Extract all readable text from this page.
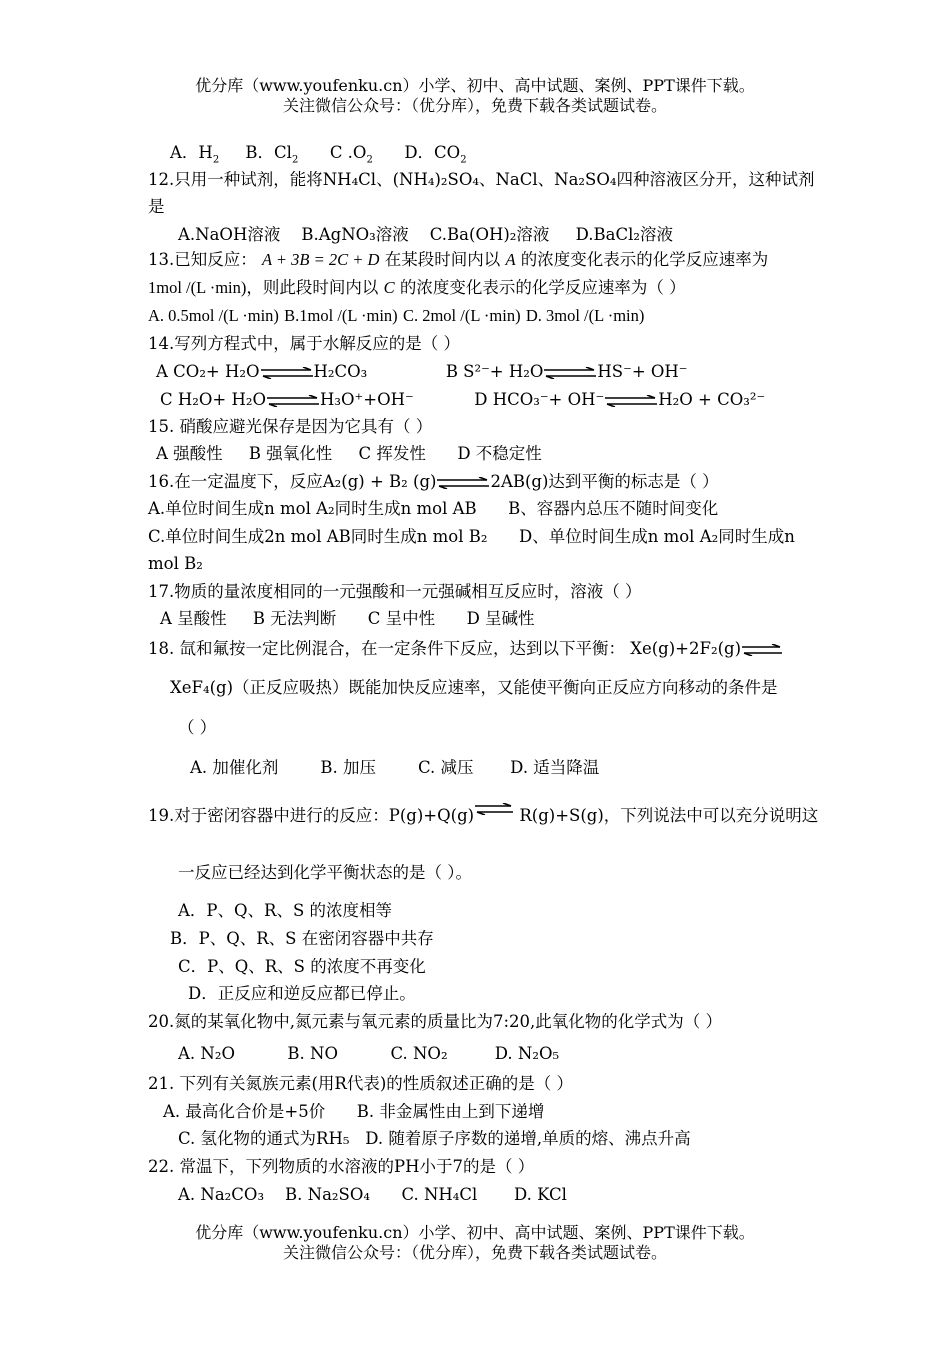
优分库（www.youfenku.cn）小学、初中、高中试题、案例、PPT课件下载。
关注微信公众号：（优分库），免费下载各类试题试卷。
A．$H_2$ B．$Cl_2$ C $.O_2$ D．$CO_2$
12.只用一种试剂，能将NH₄Cl、(NH₄)₂SO₄、NaCl、Na₂SO₄四种溶液区分开，这种试剂
是
A.NaOH溶液 B.AgNO₃溶液 C.Ba(OH)₂溶液 D.BaCl₂溶液
13.已知反应： A + 3B = 2C + D 在某段时间内以 A 的浓度变化表示的化学反应速率为
1mol /(L ·min)，则此段时间内以 C 的浓度变化表示的化学反应速率为（ ）
A. 0.5mol /(L ·min) B.1mol /(L ·min) C. 2mol /(L ·min) D. 3mol /(L ·min)
14.写列方程式中，属于水解反应的是（ ）
A CO₂+ H₂O⇌H₂CO₃	B S²⁻+ H₂O⇌HS⁻+ OH⁻
C H₂O+ H₂O⇌H₃O⁺+OH⁻	D HCO₃⁻+ OH⁻⇌H₂O + CO₃²⁻
15. 硝酸应避光保存是因为它具有（ ）
A 强酸性     B 强氧化性     C 挥发性      D 不稳定性
16.在一定温度下，反应A₂(g) + B₂ (g)⇌2AB(g)达到平衡的标志是（ ）
A.单位时间生成n mol A₂同时生成n mol AB B、容器内总压不随时间变化
C.单位时间生成2n mol AB同时生成n mol B₂ D、单位时间生成n mol A₂同时生成n
mol B₂
17.物质的量浓度相同的一元强酸和一元强碱相互反应时，溶液（ ）
A 呈酸性     B 无法判断      C 呈中性      D 呈碱性
18. 氙和氟按一定比例混合，在一定条件下反应，达到以下平衡： Xe(g)+2F₂(g)⇌
XeF₄(g)（正反应吸热）既能加快反应速率，又能使平衡向正反应方向移动的条件是
（ ）
A. 加催化剂        B. 加压        C. 减压       D. 适当降温
19.对于密闭容器中进行的反应：P(g)+Q(g)⇌ R(g)+S(g)，下列说法中可以充分说明这
一反应已经达到化学平衡状态的是（ ）。
A．P、Q、R、S 的浓度相等
B．P、Q、R、S 在密闭容器中共存
C．P、Q、R、S 的浓度不再变化
D．正反应和逆反应都已停止。
20.氮的某氧化物中,氮元素与氧元素的质量比为7:20,此氧化物的化学式为（ ）
A. N₂O          B. NO          C. NO₂         D. N₂O₅
21. 下列有关氮族元素(用R代表)的性质叙述正确的是（ ）
A. 最高化合价是+5价 B. 非金属性由上到下递增
C. 氢化物的通式为RH₅ D. 随着原子序数的递增,单质的熔、沸点升高
22. 常温下，下列物质的水溶液的PH小于7的是（ ）
A. Na₂CO₃    B. Na₂SO₄      C. NH₄Cl       D. KCl
优分库（www.youfenku.cn）小学、初中、高中试题、案例、PPT课件下载。
关注微信公众号：（优分库），免费下载各类试题试卷。
